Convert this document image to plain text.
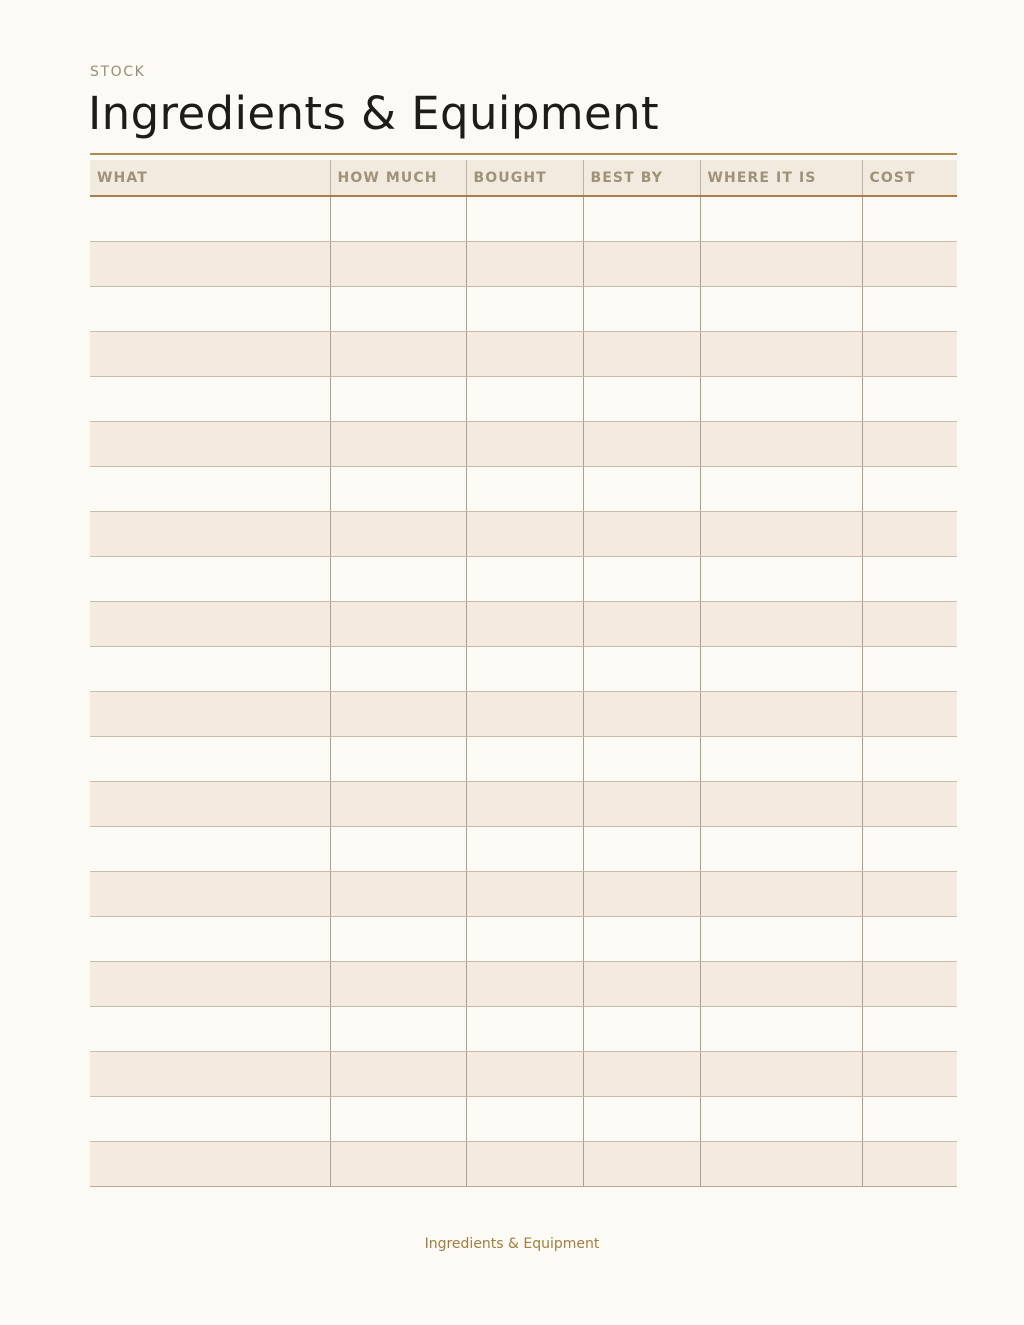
STOCK
Ingredients & Equipment
WHAT	HOW MUCH	BOUGHT	BEST BY	WHERE IT IS	COST

Ingredients & Equipment
